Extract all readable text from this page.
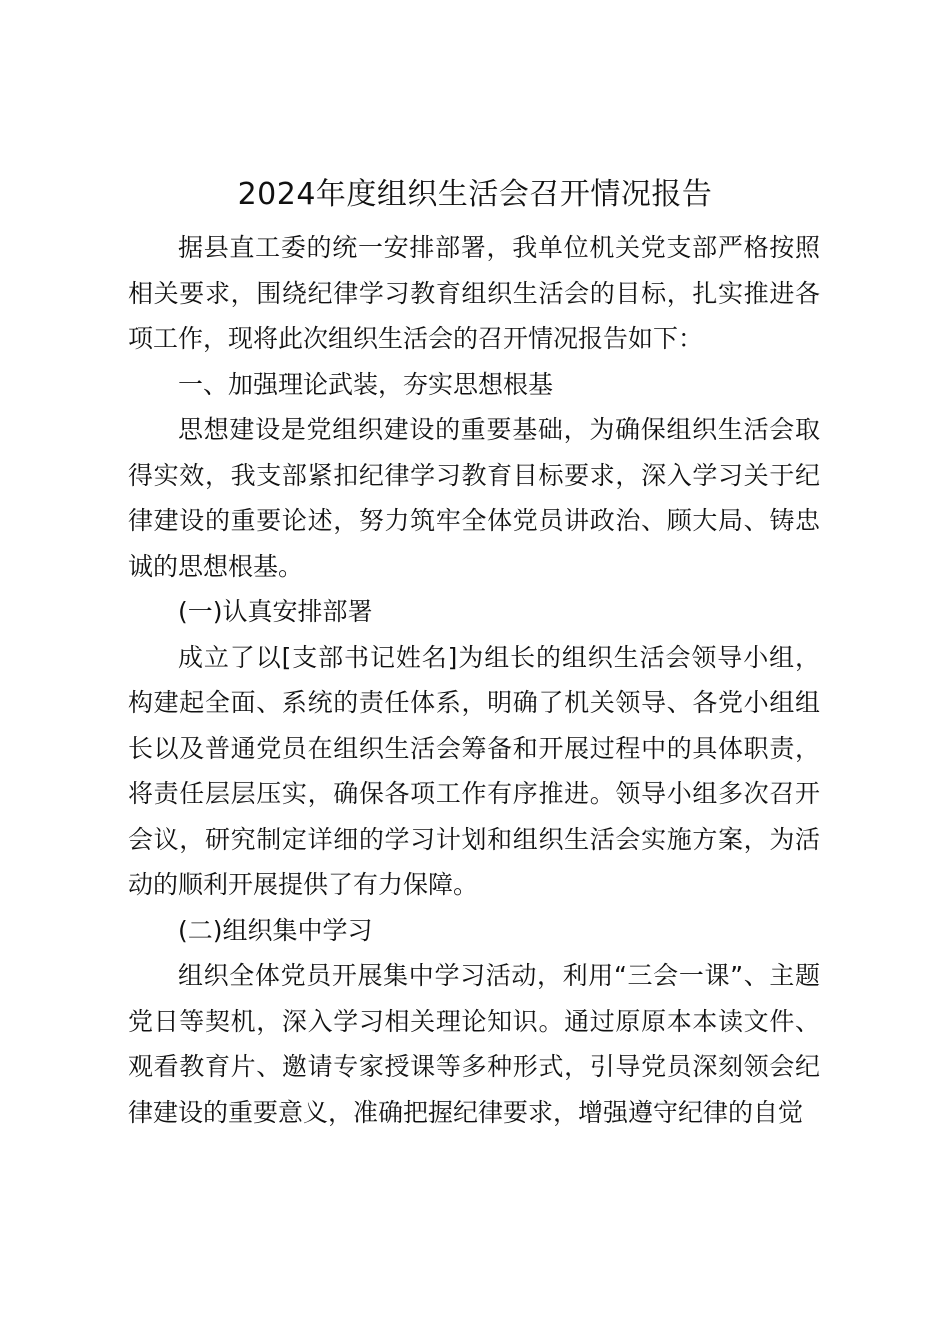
2024年度组织生活会召开情况报告

据县直工委的统一安排部署，我单位机关党支部严格按照相关要求，围绕纪律学习教育组织生活会的目标，扎实推进各项工作，现将此次组织生活会的召开情况报告如下：

一、加强理论武装，夯实思想根基

思想建设是党组织建设的重要基础，为确保组织生活会取得实效，我支部紧扣纪律学习教育目标要求，深入学习关于纪律建设的重要论述，努力筑牢全体党员讲政治、顾大局、铸忠诚的思想根基。

(一)认真安排部署

成立了以[支部书记姓名]为组长的组织生活会领导小组，构建起全面、系统的责任体系，明确了机关领导、各党小组组长以及普通党员在组织生活会筹备和开展过程中的具体职责，将责任层层压实，确保各项工作有序推进。领导小组多次召开会议，研究制定详细的学习计划和组织生活会实施方案，为活动的顺利开展提供了有力保障。

(二)组织集中学习

组织全体党员开展集中学习活动，利用“三会一课”、主题党日等契机，深入学习相关理论知识。通过原原本本读文件、观看教育片、邀请专家授课等多种形式，引导党员深刻领会纪律建设的重要意义，准确把握纪律要求，增强遵守纪律的自觉
